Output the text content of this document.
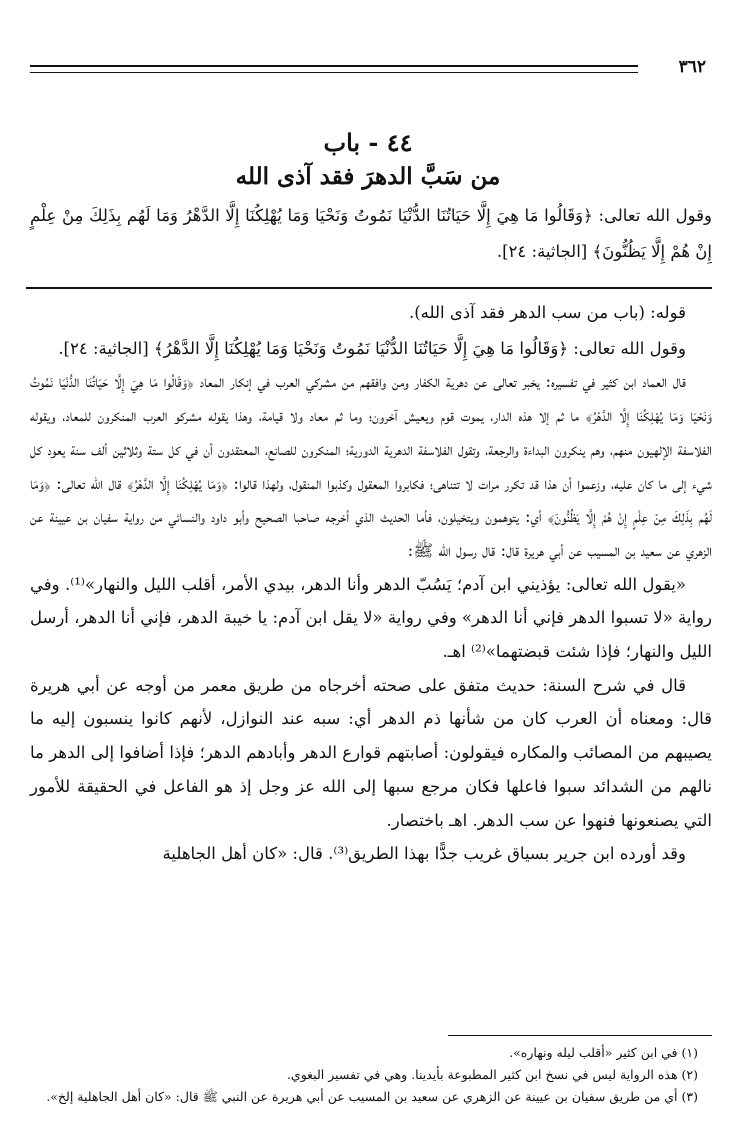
٣٦٢
٤٤ - باب
من سَبَّ الدهرَ فقد آذى الله
وقول الله تعالى: ﴿وَقَالُوا مَا هِيَ إِلَّا حَيَاتُنَا الدُّنْيَا نَمُوتُ وَنَحْيَا وَمَا يُهْلِكُنَا إِلَّا الدَّهْرُ وَمَا لَهُم بِذَلِكَ مِنْ عِلْمٍ إِنْ هُمْ إِلَّا يَظُنُّونَ﴾ [الجاثية: ٢٤].

قوله: (باب من سب الدهر فقد آذى الله).

وقول الله تعالى: ﴿وَقَالُوا مَا هِيَ إِلَّا حَيَاتُنَا الدُّنْيَا نَمُوتُ وَنَحْيَا وَمَا يُهْلِكُنَا إِلَّا الدَّهْرُ﴾ [الجاثية: ٢٤].

قال العماد ابن كثير في تفسيره: يخبر تعالى عن دهرية الكفار ومن وافقهم من مشركي العرب في إنكار المعاد ﴿وَقَالُوا مَا هِيَ إِلَّا حَيَاتُنَا الدُّنْيَا نَمُوتُ وَنَحْيَا وَمَا يُهْلِكُنَا إِلَّا الدَّهْرُ﴾ ما ثم إلا هذه الدار، يموت قوم ويعيش آخرون؛ وما ثم معاد ولا قيامة، وهذا يقوله مشركو العرب المنكرون للمعاد، ويقوله الفلاسفة الإلهيون منهم، وهم ينكرون البداءة والرجعة، وتقول الفلاسفة الدهرية الدورية؛ المنكرون للصانع، المعتقدون أن في كل ستة وثلاثين ألف سنة يعود كل شيء إلى ما كان عليه، وزعموا أن هذا قد تكرر مرات لا تتناهى؛ فكابروا المعقول وكذبوا المنقول، ولهذا قالوا: ﴿وَمَا يُهْلِكُنَا إِلَّا الدَّهْرُ﴾ قال الله تعالى: ﴿وَمَا لَهُم بِذَلِكَ مِنْ عِلْمٍ إِنْ هُمْ إِلَّا يَظُنُّونَ﴾ أي: يتوهمون ويتخيلون، فأما الحديث الذي أخرجه صاحبا الصحيح وأبو داود والنسائي من رواية سفيان بن عيينة عن الزهري عن سعيد بن المسيب عن أبي هريرة قال: قال رسول الله ﷺ:

«يقول الله تعالى: يؤذيني ابن آدم؛ يَسُبّ الدهر وأنا الدهر، بيدي الأمر، أقلب الليل والنهار»⁽¹⁾. وفي رواية «لا تسبوا الدهر فإني أنا الدهر» وفي رواية «لا يقل ابن آدم: يا خيبة الدهر، فإني أنا الدهر، أرسل الليل والنهار؛ فإذا شئت قبضتهما»⁽²⁾ اهـ.

قال في شرح السنة: حديث متفق على صحته أخرجاه من طريق معمر من أوجه عن أبي هريرة قال: ومعناه أن العرب كان من شأنها ذم الدهر أي: سبه عند النوازل، لأنهم كانوا ينسبون إليه ما يصيبهم من المصائب والمكاره فيقولون: أصابتهم قوارع الدهر وأبادهم الدهر؛ فإذا أضافوا إلى الدهر ما نالهم من الشدائد سبوا فاعلها فكان مرجع سبها إلى الله عز وجل إذ هو الفاعل في الحقيقة للأمور التي يصنعونها فنهوا عن سب الدهر. اهـ باختصار.

وقد أورده ابن جرير بسياق غريب جدًّا بهذا الطريق⁽³⁾. قال: «كان أهل الجاهلية

(١) في ابن كثير «أقلب ليله ونهاره».

(٢) هذه الرواية ليس في نسخ ابن كثير المطبوعة بأيدينا. وهي في تفسير البغوي.

(٣) أي من طريق سفيان بن عيينة عن الزهري عن سعيد بن المسيب عن أبي هريرة عن النبي ﷺ قال: «كان أهل الجاهلية إلخ».
